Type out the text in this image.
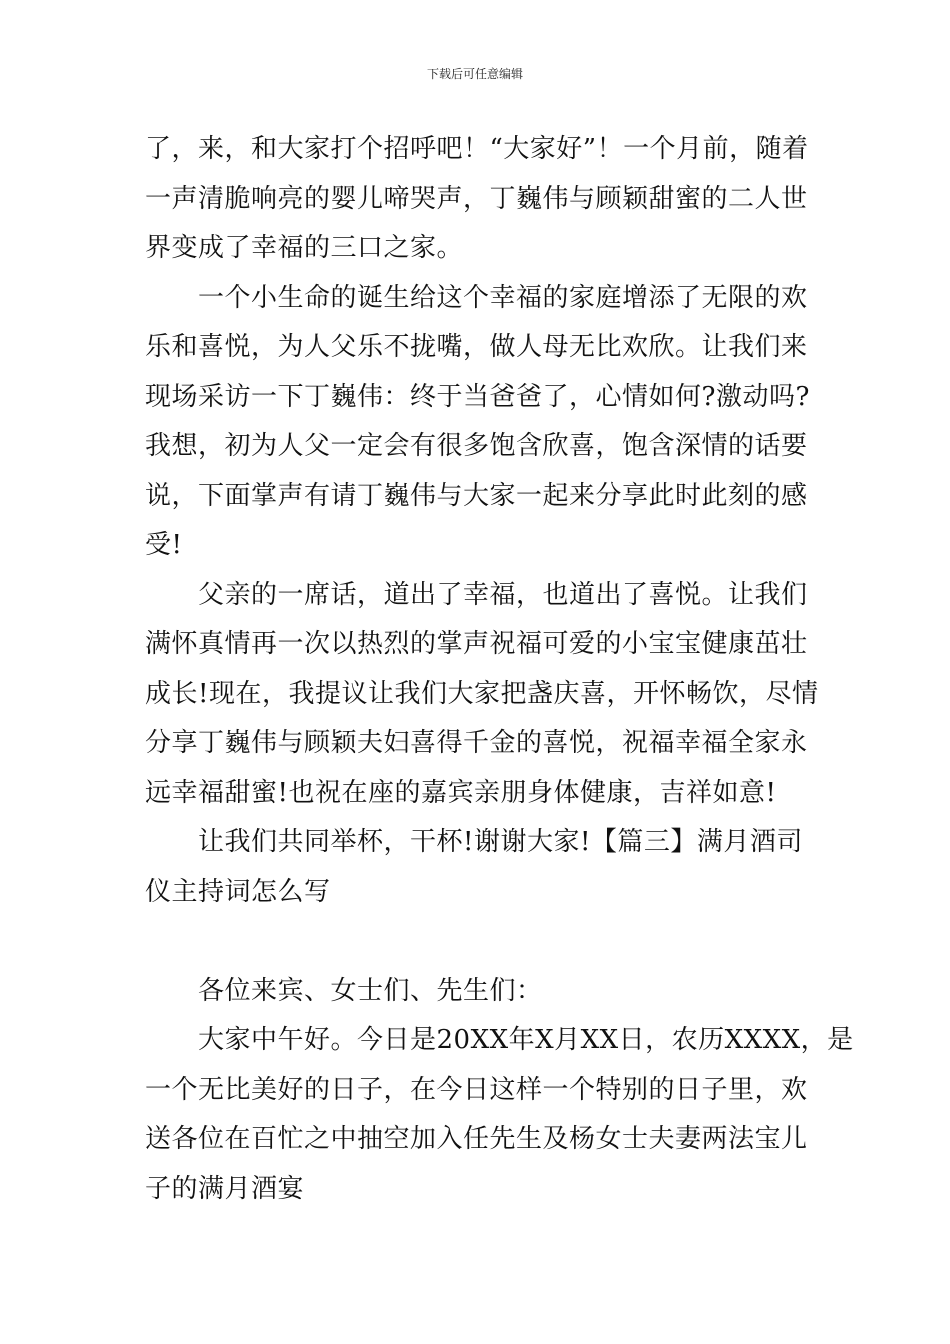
下载后可任意编辑
了，来，和大家打个招呼吧！“大家好”！一个月前，随着
一声清脆响亮的婴儿啼哭声，丁巍伟与顾颖甜蜜的二人世
界变成了幸福的三口之家。
一个小生命的诞生给这个幸福的家庭增添了无限的欢
乐和喜悦，为人父乐不拢嘴，做人母无比欢欣。让我们来
现场采访一下丁巍伟：终于当爸爸了，心情如何?激动吗?
我想，初为人父一定会有很多饱含欣喜，饱含深情的话要
说，下面掌声有请丁巍伟与大家一起来分享此时此刻的感
受!
父亲的一席话，道出了幸福，也道出了喜悦。让我们
满怀真情再一次以热烈的掌声祝福可爱的小宝宝健康茁壮
成长!现在，我提议让我们大家把盏庆喜，开怀畅饮，尽情
分享丁巍伟与顾颖夫妇喜得千金的喜悦，祝福幸福全家永
远幸福甜蜜!也祝在座的嘉宾亲朋身体健康，吉祥如意!
让我们共同举杯，干杯!谢谢大家!【篇三】满月酒司
仪主持词怎么写
各位来宾、女士们、先生们：
大家中午好。今日是20XX年X月XX日，农历XXXX，是
一个无比美好的日子，在今日这样一个特别的日子里，欢
送各位在百忙之中抽空加入任先生及杨女士夫妻两法宝儿
子的满月酒宴
